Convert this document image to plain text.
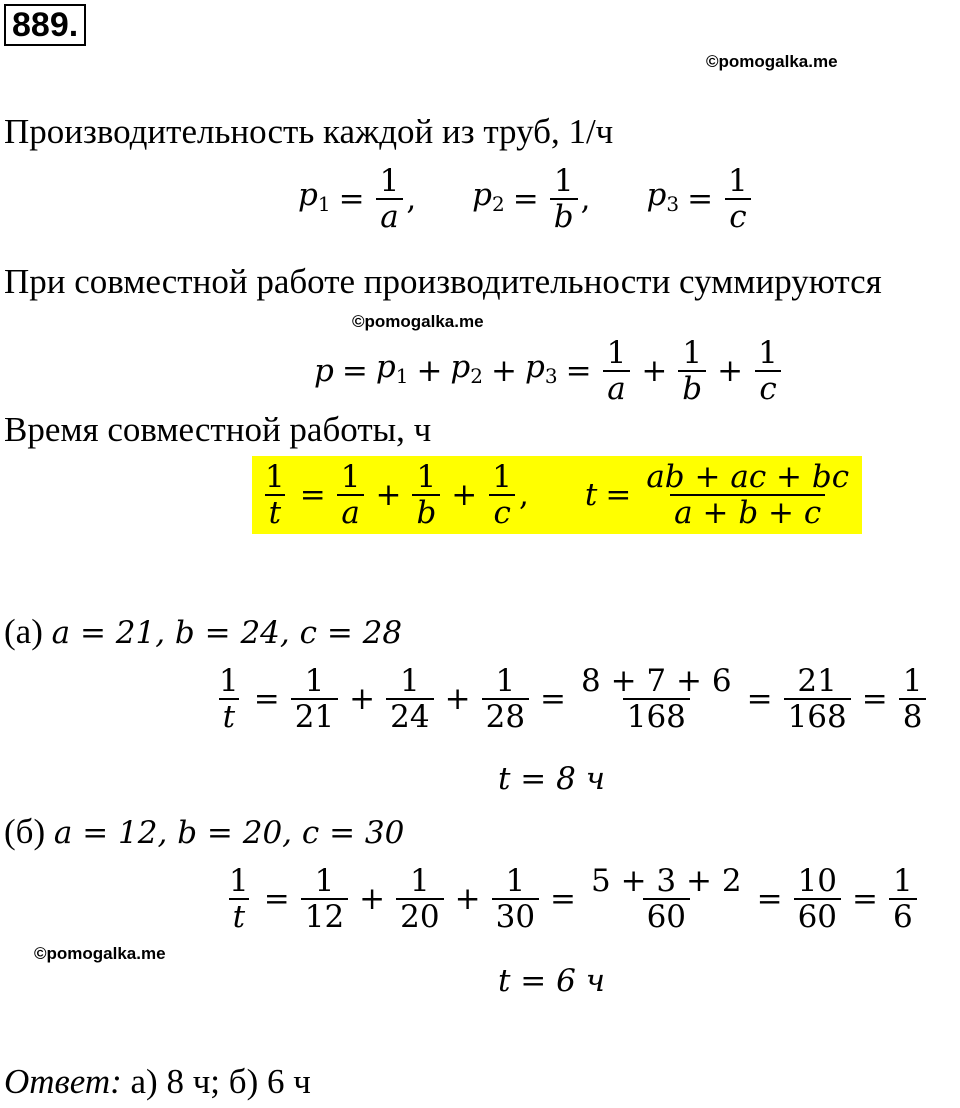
889.
©pomogalka.me
Производительность каждой из труб, 1/ч
$p_1 = \frac{1}{a}$ , $p_2 = \frac{1}{b}$ , $p_3 = \frac{1}{c}$
При совместной работе производительности суммируются
©pomogalka.me
$p = p_1 + p_2 + p_3 = \frac{1}{a} + \frac{1}{b} + \frac{1}{c}$
Время совместной работы, ч
$\frac{1}{t} = \frac{1}{a} + \frac{1}{b} + \frac{1}{c}$ , $t = \frac{ab + ac + bc}{a + b + c}$
(а) a = 21, b = 24, c = 28
$\frac{1}{t} = \frac{1}{21} + \frac{1}{24} + \frac{1}{28} = \frac{8 + 7 + 6}{168} = \frac{21}{168} = \frac{1}{8}$
t = 8 ч
(б) a = 12, b = 20, c = 30
$\frac{1}{t} = \frac{1}{12} + \frac{1}{20} + \frac{1}{30} = \frac{5 + 3 + 2}{60} = \frac{10}{60} = \frac{1}{6}$
©pomogalka.me
t = 6 ч
Ответ: а) 8 ч; б) 6 ч
